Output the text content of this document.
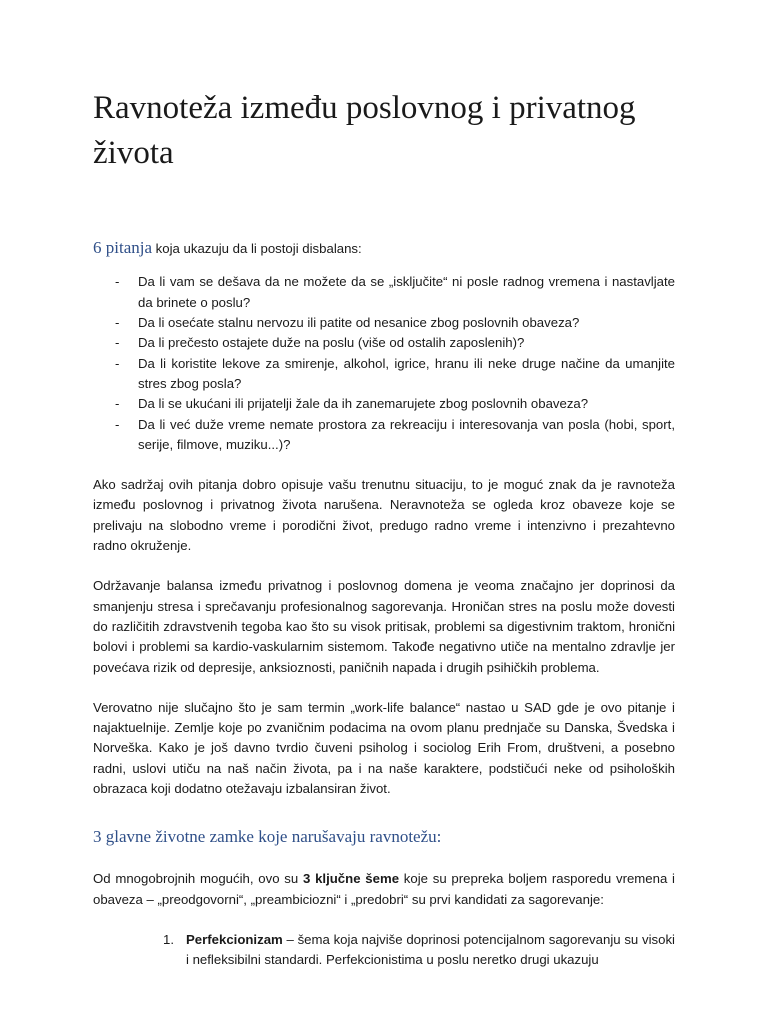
Ravnoteža između poslovnog i privatnog života

6 pitanja koja ukazuju da li postoji disbalans:

- Da li vam se dešava da ne možete da se „isključite“ ni posle radnog vremena i nastavljate da brinete o poslu?
- Da li osećate stalnu nervozu ili patite od nesanice zbog poslovnih obaveza?
- Da li prečesto ostajete duže na poslu (više od ostalih zaposlenih)?
- Da li koristite lekove za smirenje, alkohol, igrice, hranu ili neke druge načine da umanjite stres zbog posla?
- Da li se ukućani ili prijatelji žale da ih zanemarujete zbog poslovnih obaveza?
- Da li već duže vreme nemate prostora za rekreaciju i interesovanja van posla (hobi, sport, serije, filmove, muziku...)?

Ako sadržaj ovih pitanja dobro opisuje vašu trenutnu situaciju, to je moguć znak da je ravnoteža između poslovnog i privatnog života narušena. Neravnoteža se ogleda kroz obaveze koje se prelivaju na slobodno vreme i porodični život, predugo radno vreme i intenzivno i prezahtevno radno okruženje.

Održavanje balansa između privatnog i poslovnog domena je veoma značajno jer doprinosi da smanjenju stresa i sprečavanju profesionalnog sagorevanja. Hroničan stres na poslu može dovesti do različitih zdravstvenih tegoba kao što su visok pritisak, problemi sa digestivnim traktom, hronični bolovi i problemi sa kardio-vaskularnim sistemom. Takođe negativno utiče na mentalno zdravlje jer povećava rizik od depresije, anksioznosti, paničnih napada i drugih psihičkih problema.

Verovatno nije slučajno što je sam termin „work-life balance“ nastao u SAD gde je ovo pitanje i najaktuelnije. Zemlje koje po zvaničnim podacima na ovom planu prednjače su Danska, Švedska i Norveška. Kako je još davno tvrdio čuveni psiholog i sociolog Erih From, društveni, a posebno radni, uslovi utiču na naš način života, pa i na naše karaktere, podstičući neke od psiholoških obrazaca koji dodatno otežavaju izbalansiran život.

3 glavne životne zamke koje narušavaju ravnotežu:

Od mnogobrojnih mogućih, ovo su 3 ključne šeme koje su prepreka boljem rasporedu vremena i obaveza – „preodgovorni“, „preambiciozni“ i „predobri“ su prvi kandidati za sagorevanje:

1. Perfekcionizam – šema koja najviše doprinosi potencijalnom sagorevanju su visoki i nefleksibilni standardi. Perfekcionistima u poslu neretko drugi ukazuju
